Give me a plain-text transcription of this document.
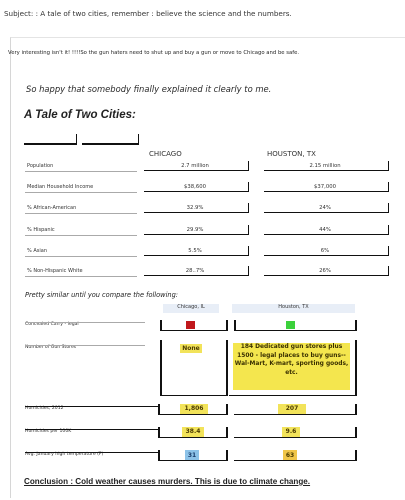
Subject: : A tale of two cities, remember : believe the science and the numbers.
Very interesting isn't it! !!!!So the gun haters need to shut up and buy a gun or move to Chicago and be safe.
So happy that somebody finally explained it clearly to me.
A Tale of Two Cities:
CHICAGO	HOUSTON, TX
Population	2.7 million	2.15 million
Median Household Income	$38,600	$37,000
% African-American	32.9%	24%
% Hispanic	29.9%	44%
% Asian	5.5%	6%
% Non-Hispanic White	28..7%	26%
Pretty similar until you compare the following:
Chicago, IL	Houston, TX
Concealed Carry - legal
Number of Gun Stores	None	184 Dedicated gun stores plus 1500 - legal places to buy guns-- Wal-Mart, K-mart, sporting goods, etc.
Homicides, 2012	1,806	207
Homicides per 100K	38.4	9.6
Avg. January high temperature (F)	31	63
Conclusion : Cold weather causes murders. This is due to climate change.
